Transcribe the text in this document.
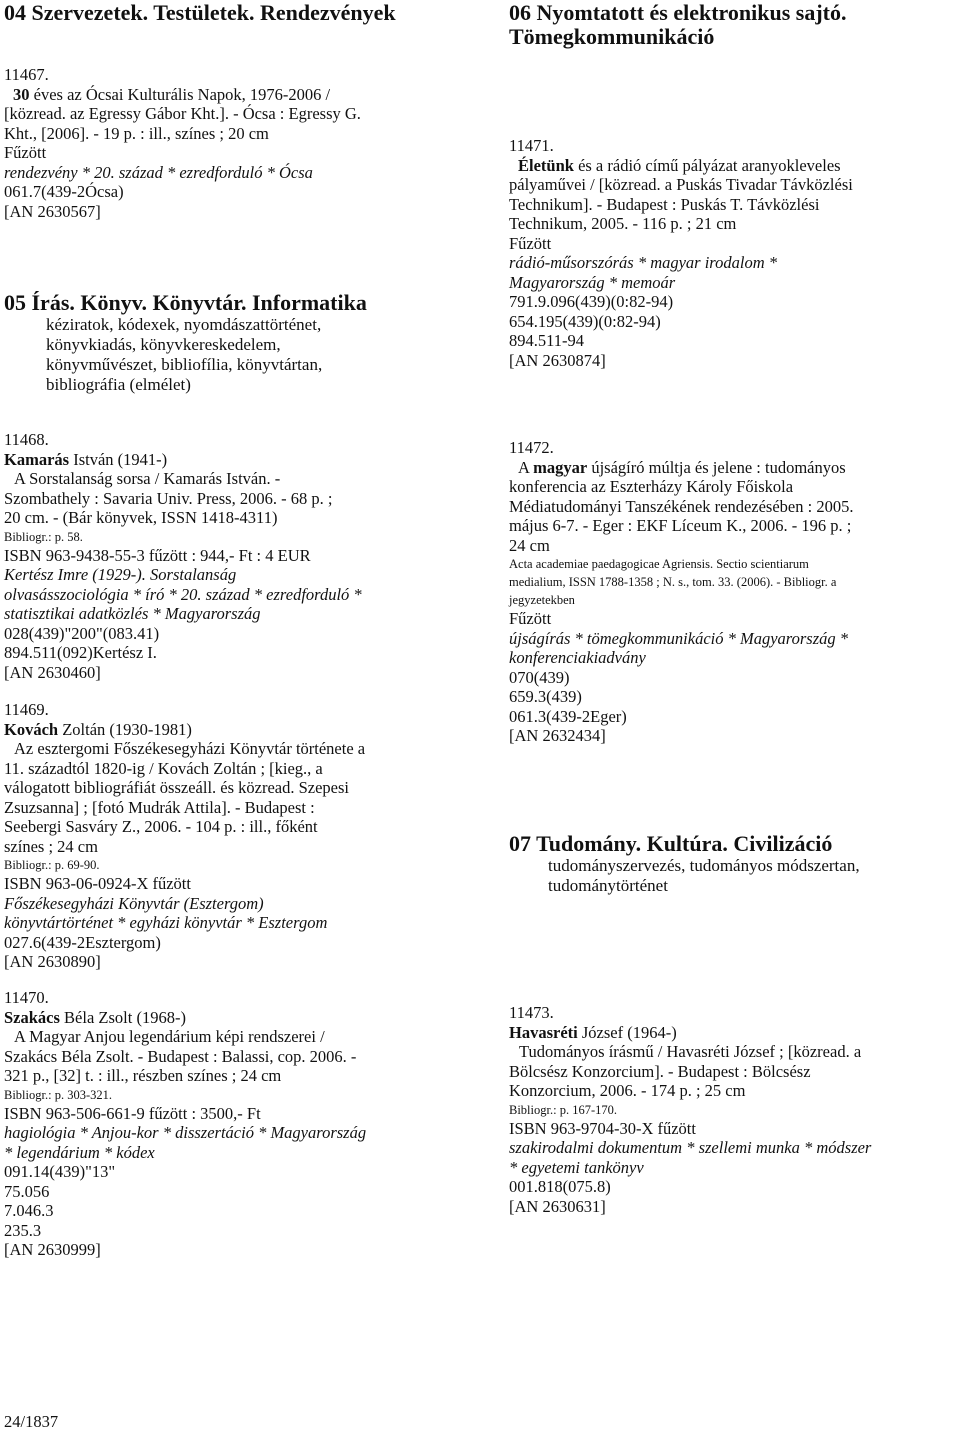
04 Szervezetek. Testületek. Rendezvények
11467.
30 éves az Ócsai Kulturális Napok, 1976-2006 /
[közread. az Egressy Gábor Kht.]. - Ócsa : Egressy G.
Kht., [2006]. - 19 p. : ill., színes ; 20 cm
Fűzött
rendezvény * 20. század * ezredforduló * Ócsa
061.7(439-2Ócsa)
[AN 2630567]
05 Írás. Könyv. Könyvtár. Informatika
kéziratok, kódexek, nyomdászattörténet,
könyvkiadás, könyvkereskedelem,
könyvművészet, bibliofília, könyvtártan,
bibliográfia (elmélet)
11468.
Kamarás István (1941-)
A Sorstalanság sorsa / Kamarás István. -
Szombathely : Savaria Univ. Press, 2006. - 68 p. ;
20 cm. - (Bár könyvek, ISSN 1418-4311)
Bibliogr.: p. 58.
ISBN 963-9438-55-3 fűzött : 944,- Ft : 4 EUR
Kertész Imre (1929-). Sorstalanság
olvasásszociológia * író * 20. század * ezredforduló *
statisztikai adatközlés * Magyarország
028(439)"200"(083.41)
894.511(092)Kertész I.
[AN 2630460]
11469.
Kovách Zoltán (1930-1981)
Az esztergomi Főszékesegyházi Könyvtár története a
11. századtól 1820-ig / Kovách Zoltán ; [kieg., a
válogatott bibliográfiát összeáll. és közread. Szepesi
Zsuzsanna] ; [fotó Mudrák Attila]. - Budapest :
Seebergi Sasváry Z., 2006. - 104 p. : ill., főként
színes ; 24 cm
Bibliogr.: p. 69-90.
ISBN 963-06-0924-X fűzött
Főszékesegyházi Könyvtár (Esztergom)
könyvtártörténet * egyházi könyvtár * Esztergom
027.6(439-2Esztergom)
[AN 2630890]
11470.
Szakács Béla Zsolt (1968-)
A Magyar Anjou legendárium képi rendszerei /
Szakács Béla Zsolt. - Budapest : Balassi, cop. 2006. -
321 p., [32] t. : ill., részben színes ; 24 cm
Bibliogr.: p. 303-321.
ISBN 963-506-661-9 fűzött : 3500,- Ft
hagiológia * Anjou-kor * disszertáció * Magyarország
* legendárium * kódex
091.14(439)"13"
75.056
7.046.3
235.3
[AN 2630999]
06 Nyomtatott és elektronikus sajtó.
Tömegkommunikáció
11471.
Életünk és a rádió című pályázat aranyokleveles
pályaművei / [közread. a Puskás Tivadar Távközlési
Technikum]. - Budapest : Puskás T. Távközlési
Technikum, 2005. - 116 p. ; 21 cm
Fűzött
rádió-műsorszórás * magyar irodalom *
Magyarország * memoár
791.9.096(439)(0:82-94)
654.195(439)(0:82-94)
894.511-94
[AN 2630874]
11472.
A magyar újságíró múltja és jelene : tudományos
konferencia az Eszterházy Károly Főiskola
Médiatudományi Tanszékének rendezésében : 2005.
május 6-7. - Eger : EKF Líceum K., 2006. - 196 p. ;
24 cm
Acta academiae paedagogicae Agriensis. Sectio scientiarum
medialium, ISSN 1788-1358 ; N. s., tom. 33. (2006). - Bibliogr. a
jegyzetekben
Fűzött
újságírás * tömegkommunikáció * Magyarország *
konferenciakiadvány
070(439)
659.3(439)
061.3(439-2Eger)
[AN 2632434]
07 Tudomány. Kultúra. Civilizáció
tudományszervezés, tudományos módszertan,
tudománytörténet
11473.
Havasréti József (1964-)
Tudományos írásmű / Havasréti József ; [közread. a
Bölcsész Konzorcium]. - Budapest : Bölcsész
Konzorcium, 2006. - 174 p. ; 25 cm
Bibliogr.: p. 167-170.
ISBN 963-9704-30-X fűzött
szakirodalmi dokumentum * szellemi munka * módszer
* egyetemi tankönyv
001.818(075.8)
[AN 2630631]
24/1837
